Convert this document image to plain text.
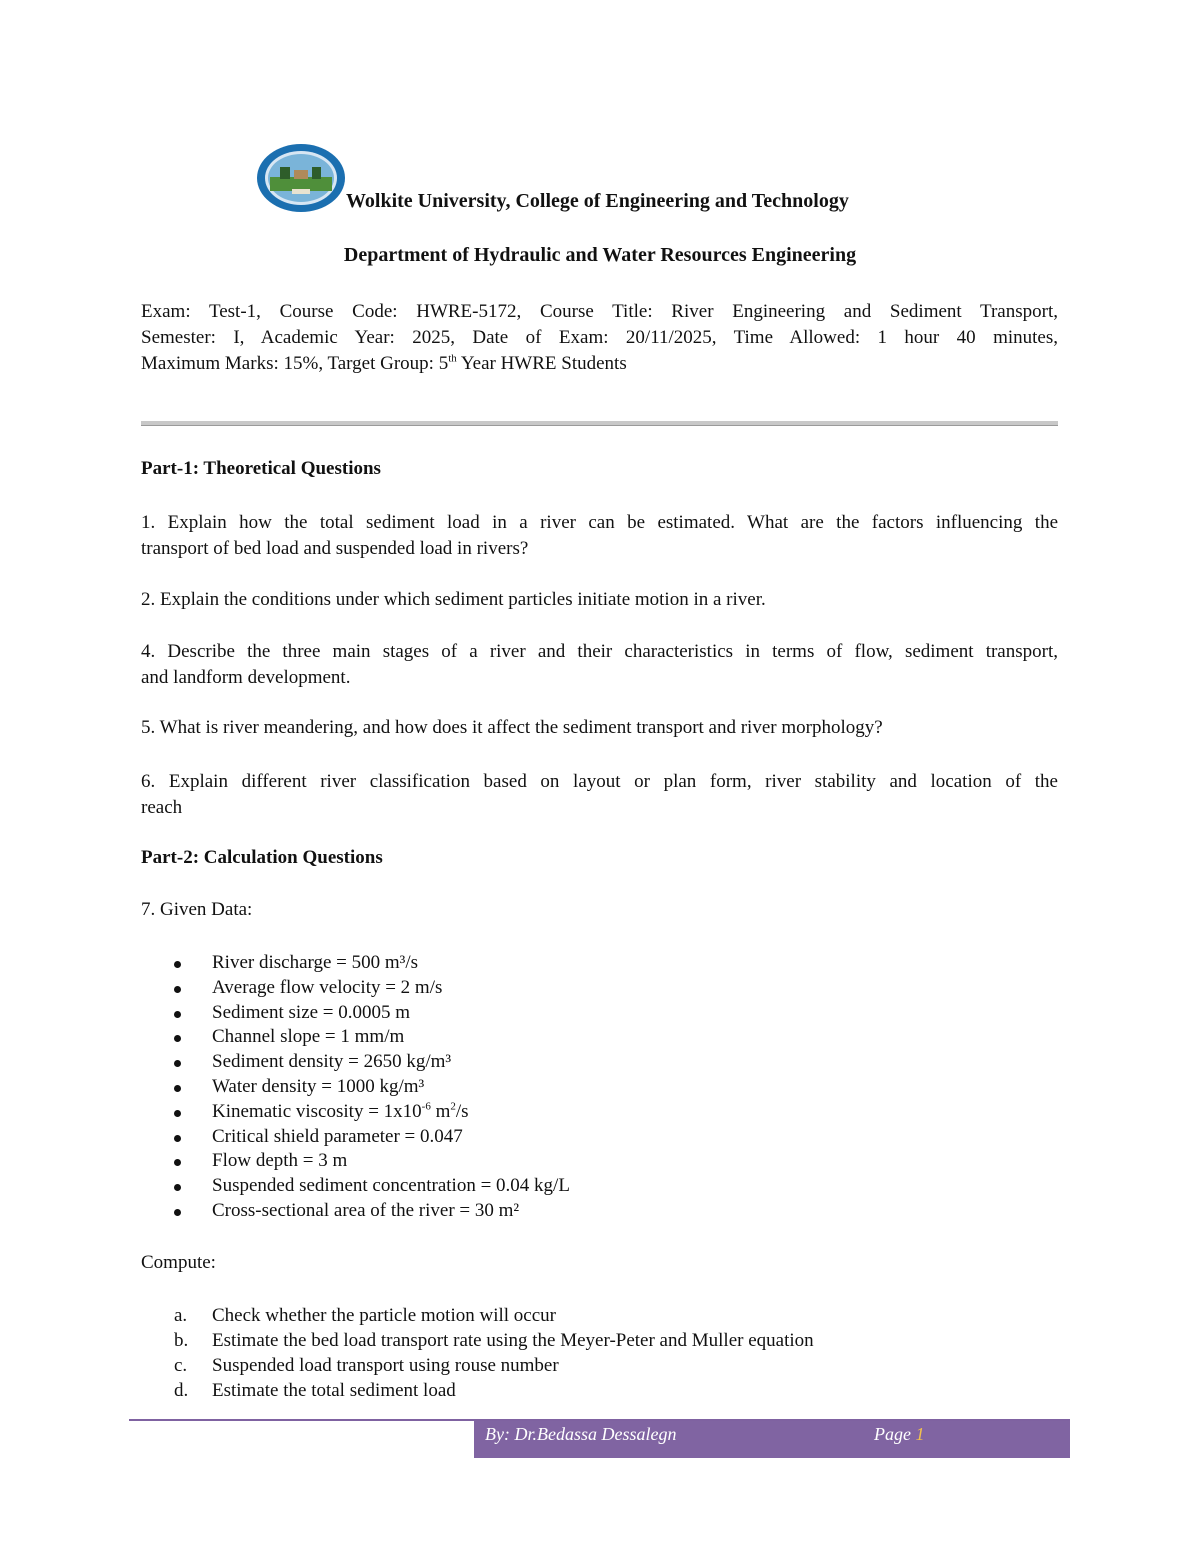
Wolkite University, College of Engineering and Technology
Department of Hydraulic and Water Resources Engineering
Exam: Test-1, Course Code: HWRE-5172, Course Title: River Engineering and Sediment Transport,
Semester: I, Academic Year: 2025, Date of Exam: 20/11/2025, Time Allowed: 1 hour 40 minutes,
Maximum Marks: 15%, Target Group: 5th Year HWRE Students
Part-1: Theoretical Questions
1. Explain how the total sediment load in a river can be estimated. What are the factors influencing the
transport of bed load and suspended load in rivers?
2. Explain the conditions under which sediment particles initiate motion in a river.
4. Describe the three main stages of a river and their characteristics in terms of flow, sediment transport,
and landform development.
5. What is river meandering, and how does it affect the sediment transport and river morphology?
6. Explain different river classification based on layout or plan form, river stability and location of the
reach
Part-2: Calculation Questions
7. Given Data:
River discharge = 500 m³/s
Average flow velocity = 2 m/s
Sediment size = 0.0005 m
Channel slope = 1 mm/m
Sediment density = 2650 kg/m³
Water density = 1000 kg/m³
Kinematic viscosity = $1x10^{-6}$ $m^2/s$
Critical shield parameter = 0.047
Flow depth = 3 m
Suspended sediment concentration = 0.04 kg/L
Cross-sectional area of the river = 30 m²
Compute:
a. Check whether the particle motion will occur
b. Estimate the bed load transport rate using the Meyer-Peter and Muller equation
c. Suspended load transport using rouse number
d. Estimate the total sediment load
By: Dr.Bedassa Dessalegn	Page 1
